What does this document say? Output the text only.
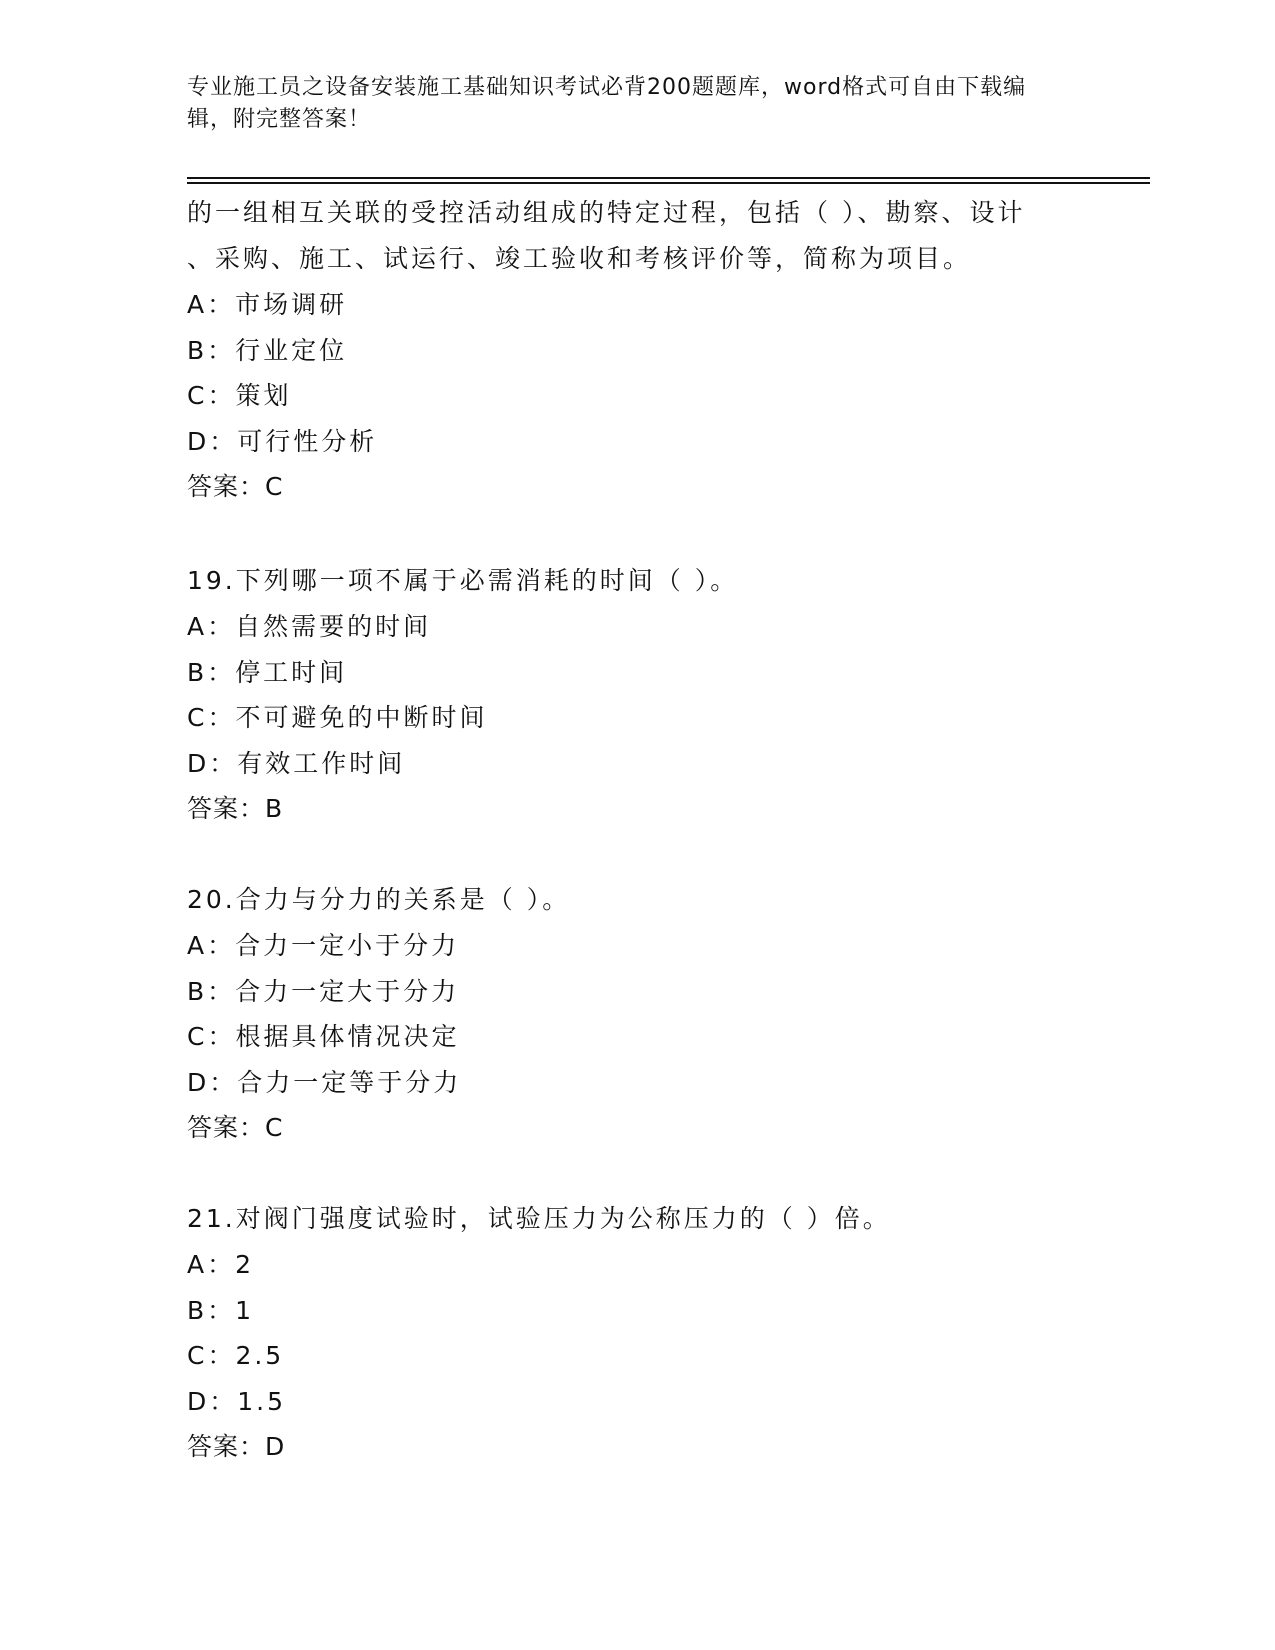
专业施工员之设备安装施工基础知识考试必背200题题库，word格式可自由下载编辑，附完整答案！
的一组相互关联的受控活动组成的特定过程，包括（ ）、勘察、设计
、采购、施工、试运行、竣工验收和考核评价等，简称为项目。
A：市场调研
B：行业定位
C：策划
D：可行性分析
答案：C
19.下列哪一项不属于必需消耗的时间（ ）。
A：自然需要的时间
B：停工时间
C：不可避免的中断时间
D：有效工作时间
答案：B
20.合力与分力的关系是（ ）。
A：合力一定小于分力
B：合力一定大于分力
C：根据具体情况决定
D：合力一定等于分力
答案：C
21.对阀门强度试验时，试验压力为公称压力的（ ）倍。
A：2
B：1
C：2.5
D：1.5
答案：D
